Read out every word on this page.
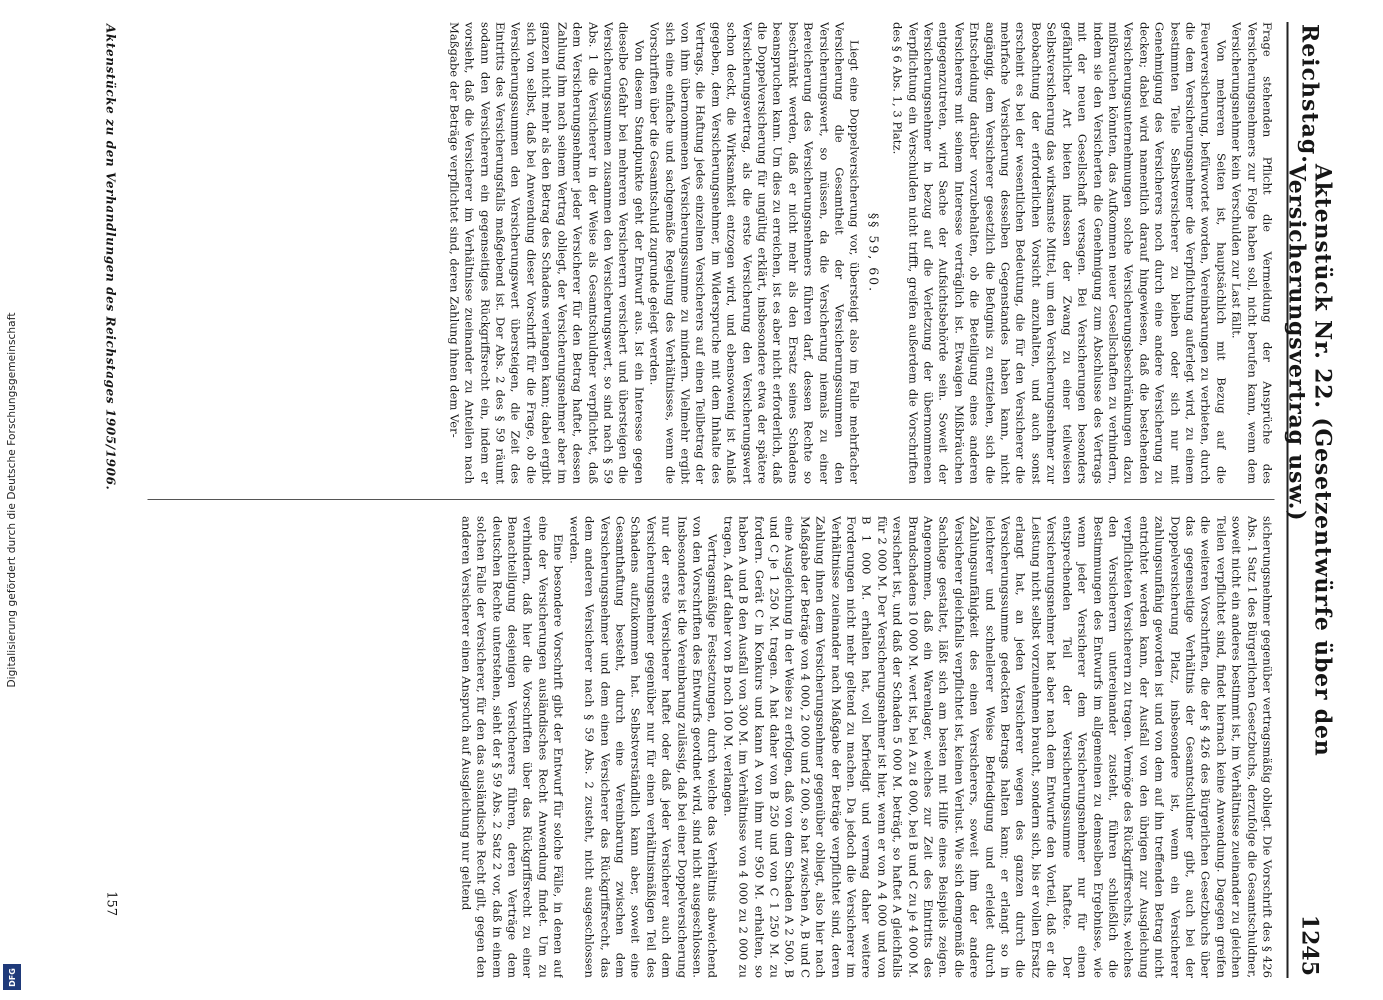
Digitalisierung gefördert durch die Deutsche Forschungsgemeinschaft
DFG
Reichstag.
Aktenstück Nr. 22. (Gesetzentwürfe über den Versicherungsvertrag usw.)
1245

Frage stehenden Pflicht die Vermeidung der Ansprüche des Versicherungsnehmers zur Folge haben soll, nicht berufen kann, wenn dem Versicherungsnehmer kein Verschulden zur Last fällt.

Von mehreren Seiten ist, hauptsächlich mit Bezug auf die Feuerversicherung, befürwortet worden, Vereinbarungen zu verbieten, durch die dem Versicherungsnehmer die Verpflichtung auferlegt wird, zu einem bestimmten Teile Selbstversicherer zu bleiben oder sich nur mit Genehmigung des Versicherers noch durch eine andere Versicherung zu decken; dabei wird namentlich darauf hingewiesen, daß die bestehenden Versicherungsunternehmungen solche Versicherungsbeschränkungen dazu mißbrauchen könnten, das Aufkommen neuer Gesellschaften zu verhindern, indem sie den Versicherten die Genehmigung zum Abschlusse des Vertrags mit der neuen Gesellschaft versagen. Bei Versicherungen besonders gefährlicher Art bieten indessen der Zwang zu einer teilweisen Selbstversicherung das wirksamste Mittel, um den Versicherungsnehmer zur Beobachtung der erforderlichen Vorsicht anzuhalten, und auch sonst erscheint es bei der wesentlichen Bedeutung, die für den Versicherer die mehrfache Versicherung desselben Gegenstandes haben kann, nicht angängig, dem Versicherer gesetzlich die Befugnis zu entziehen, sich die Entscheidung darüber vorzubehalten, ob die Beteiligung eines anderen Versicherers mit seinem Interesse verträglich ist. Etwaigen Mißbräuchen entgegenzutreten, wird Sache der Aufsichtsbehörde sein. Soweit der Versicherungsnehmer in bezug auf die Verletzung der übernommenen Verpflichtung ein Verschulden nicht trifft, greifen außerdem die Vorschriften des § 6 Abs. 1, 3 Platz.

§§ 59, 60.

Liegt eine Doppelversicherung vor, übersteigt also im Falle mehrfacher Versicherung die Gesamtheit der Versicherungssummen den Versicherungswert, so müssen, da die Versicherung niemals zu einer Bereicherung des Versicherungsnehmers führen darf, dessen Rechte so beschränkt werden, daß er nicht mehr als den Ersatz seines Schadens beanspruchen kann. Um dies zu erreichen, ist es aber nicht erforderlich, daß die Doppelversicherung für ungültig erklärt, insbesondere etwa der spätere Versicherungsvertrag, als die erste Versicherung den Versicherungswert schon deckt, die Wirksamkeit entzogen wird, und ebensowenig ist Anlaß gegeben, dem Versicherungsnehmer, im Widerspruche mit dem Inhalte des Vertrags, die Haftung jedes einzelnen Versicherers auf einen Teilbetrag der von ihm übernommenen Versicherungssumme zu mindern. Vielmehr ergibt sich eine einfache und sachgemäße Regelung des Verhältnisses, wenn die Vorschriften über die Gesamtschuld zugrunde gelegt werden.

Von diesem Standpunkte geht der Entwurf aus. Ist ein Interesse gegen dieselbe Gefahr bei mehreren Versicherern versichert und übersteigen die Versicherungssummen zusammen den Versicherungswert, so sind nach § 59 Abs. 1 die Versicherer in der Weise als Gesamtschuldner verpflichtet, daß dem Versicherungsnehmer jeder Versicherer für den Betrag haftet, dessen Zahlung ihm nach seinem Vertrag obliegt, der Versicherungsnehmer aber im ganzen nicht mehr als den Betrag des Schadens verlangen kann; dabei ergibt sich von selbst, daß bei Anwendung dieser Vorschrift für die Frage, ob die Versicherungssummen den Versicherungswert übersteigen, die Zeit des Eintritts des Versicherungsfalls maßgebend ist. Der Abs. 2 des § 59 räumt sodann den Versicherern ein gegenseitiges Rückgriffsrecht ein, indem er vorsieht, daß die Versicherer im Verhältnisse zueinander zu Anteilen nach Maßgabe der Beträge verpflichtet sind, deren Zahlung ihnen dem Ver-

sicherungsnehmer gegenüber vertragsmäßig obliegt. Die Vorschrift des § 426 Abs. 1 Satz 1 des Bürgerlichen Gesetzbuchs, derzufolge die Gesamtschuldner, soweit nicht ein anderes bestimmt ist, im Verhältnisse zueinander zu gleichen Teilen verpflichtet sind, findet hiernach keine Anwendung. Dagegen greifen die weiteren Vorschriften, die der § 426 des Bürgerlichen Gesetzbuchs über das gegenseitige Verhältnis der Gesamtschuldner gibt, auch bei der Doppelversicherung Platz, insbesondere ist, wenn ein Versicherer zahlungsunfähig geworden ist und von dem auf ihn treffenden Betrag nicht entrichtet werden kann, der Ausfall von den übrigen zur Ausgleichung verpflichteten Versicherern zu tragen. Vermöge des Rückgriffsrechts, welches den Versicherern untereinander zusteht, führen schließlich die Bestimmungen des Entwurfs im allgemeinen zu demselben Ergebnisse, wie wenn jeder Versicherer dem Versicherungsnehmer nur für einen entsprechenden Teil der Versicherungssumme haftete. Der Versicherungsnehmer hat aber nach dem Entwurfe den Vorteil, daß er die Leistung nicht selbst vorzunehmen braucht, sondern sich, bis er vollen Ersatz erlangt hat, an jeden Versicherer wegen des ganzen durch die Versicherungssumme gedeckten Betrags halten kann; er erlangt so in leichterer und schnellerer Weise Befriedigung und erleidet durch Zahlungsunfähigkeit des einen Versicherers, soweit ihm der andere Versicherer gleichfalls verpflichtet ist, keinen Verlust. Wie sich demgemäß die Sachlage gestaltet, läßt sich am besten mit Hilfe eines Beispiels zeigen. Angenommen, daß ein Warenlager, welches zur Zeit des Eintritts des Brandschadens 10 000 M. wert ist, bei A zu 8 000, bei B und C zu je 4 000 M. versichert ist, und daß der Schaden 5 000 M. beträgt, so haftet A gleichfalls für 2 000 M. Der Versicherungsnehmer ist hier, wenn er von A 4 000 und von B 1 000 M. erhalten hat, voll befriedigt und vermag daher weitere Forderungen nicht mehr geltend zu machen. Da jedoch die Versicherer im Verhältnisse zueinander nach Maßgabe der Beträge verpflichtet sind, deren Zahlung ihnen dem Versicherungsnehmer gegenüber obliegt, also hier nach Maßgabe der Beträge von 4 000, 2 000 und 2 000, so hat zwischen A, B und C eine Ausgleichung in der Weise zu erfolgen, daß von dem Schaden A 2 500, B und C je 1 250 M. tragen. A hat daher von B 250 und von C 1 250 M. zu fordern. Gerät C in Konkurs und kann A von ihm nur 950 M. erhalten, so haben A und B den Ausfall von 300 M. im Verhältnisse von 4 000 zu 2 000 zu tragen, A darf daher von B noch 100 M. verlangen.

Vertragsmäßige Festsetzungen, durch welche das Verhältnis abweichend von den Vorschriften des Entwurfs geordnet wird, sind nicht ausgeschlossen. Insbesondere ist die Vereinbarung zulässig, daß bei einer Doppelversicherung nur der erste Versicherer haftet oder daß jeder Versicherer auch dem Versicherungsnehmer gegenüber nur für einen verhältnismäßigen Teil des Schadens aufzukommen hat. Selbstverständlich kann aber, soweit eine Gesamthaftung besteht, durch eine Vereinbarung zwischen dem Versicherungsnehmer und dem einen Versicherer das Rückgriffsrecht, das dem anderen Versicherer nach § 59 Abs. 2 zusteht, nicht ausgeschlossen werden.

Eine besondere Vorschrift gibt der Entwurf für solche Fälle, in denen auf eine der Versicherungen ausländisches Recht Anwendung findet. Um zu verhindern, daß hier die Vorschriften über das Rückgriffsrecht zu einer Benachteiligung desjenigen Versicherers führen, deren Verträge dem deutschen Rechte unterstehen, sieht der § 59 Abs. 2 Satz 2 vor, daß in einem solchen Falle der Versicherer, für den das ausländische Recht gilt, gegen den anderen Versicherer einen Anspruch auf Ausgleichung nur geltend

Aktenstücke zu den Verhandlungen des Reichstages 1905/1906.
157
